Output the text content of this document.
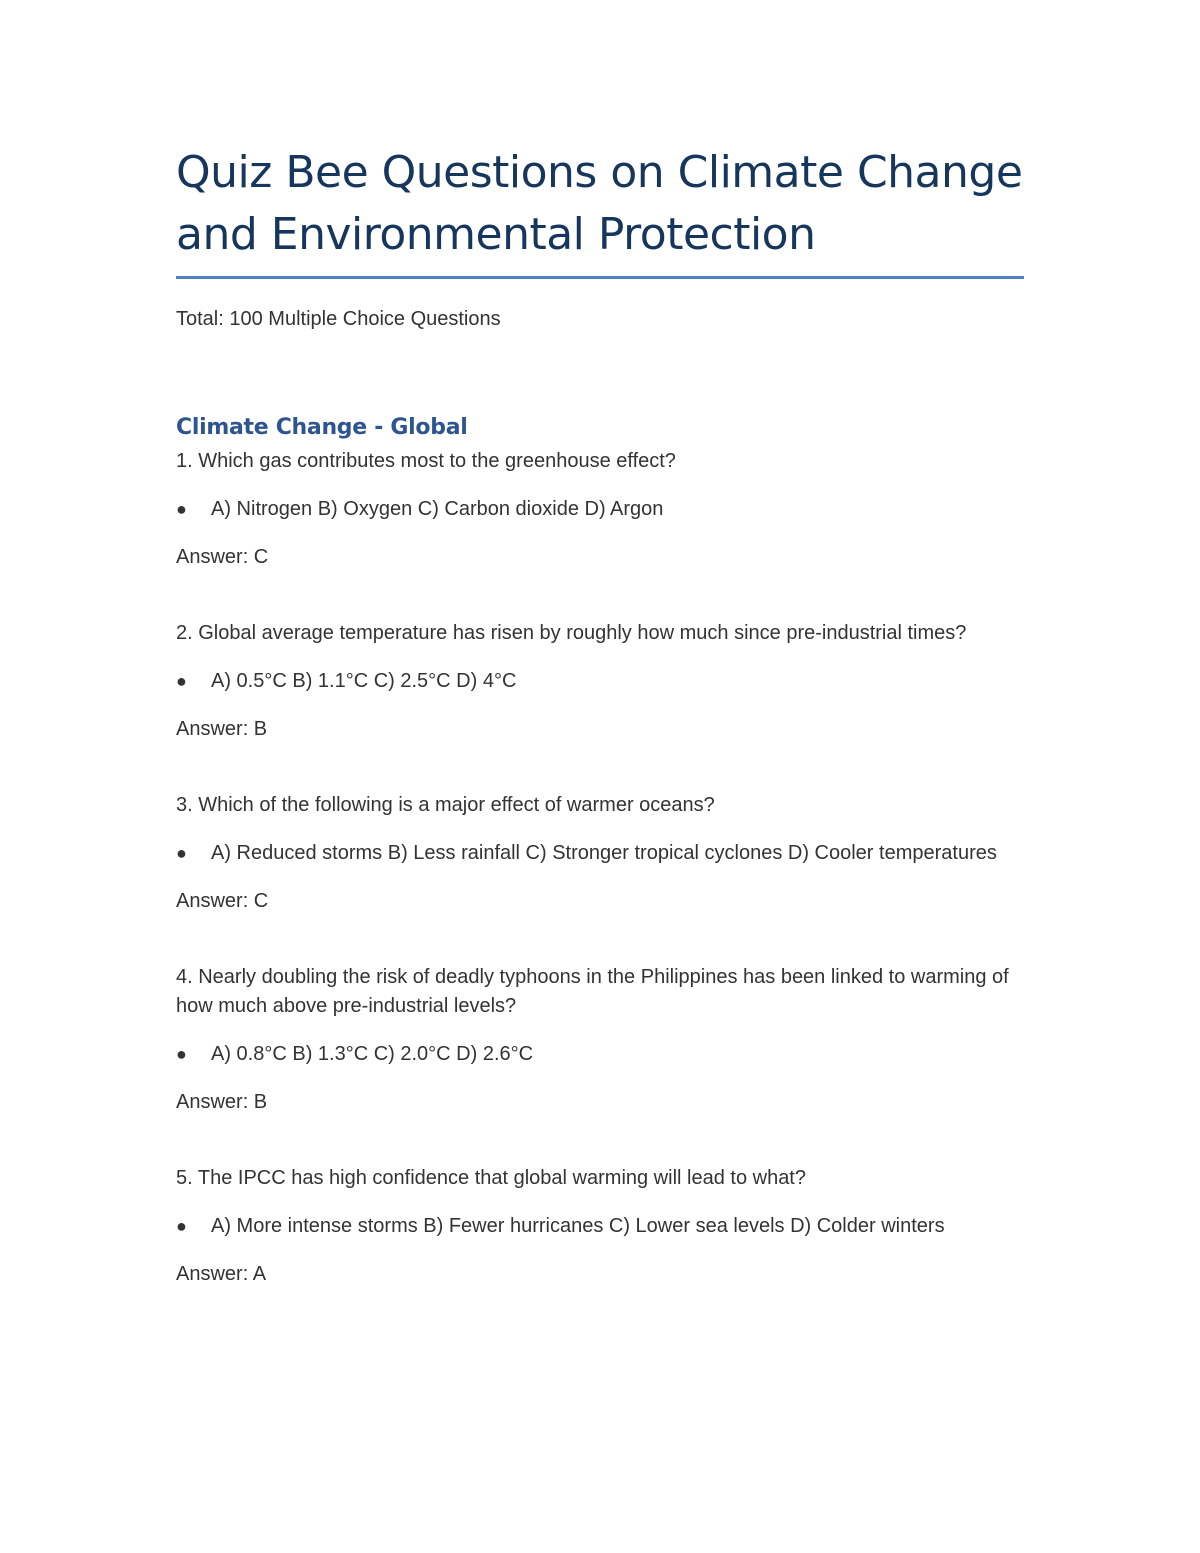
Quiz Bee Questions on Climate Change and Environmental Protection
Total: 100 Multiple Choice Questions
Climate Change - Global
1. Which gas contributes most to the greenhouse effect?
●	A) Nitrogen B) Oxygen C) Carbon dioxide D) Argon
Answer: C
2. Global average temperature has risen by roughly how much since pre-industrial times?
●	A) 0.5°C B) 1.1°C C) 2.5°C D) 4°C
Answer: B
3. Which of the following is a major effect of warmer oceans?
●	A) Reduced storms B) Less rainfall C) Stronger tropical cyclones D) Cooler temperatures
Answer: C
4. Nearly doubling the risk of deadly typhoons in the Philippines has been linked to warming of how much above pre-industrial levels?
●	A) 0.8°C B) 1.3°C C) 2.0°C D) 2.6°C
Answer: B
5. The IPCC has high confidence that global warming will lead to what?
●	A) More intense storms B) Fewer hurricanes C) Lower sea levels D) Colder winters
Answer: A
